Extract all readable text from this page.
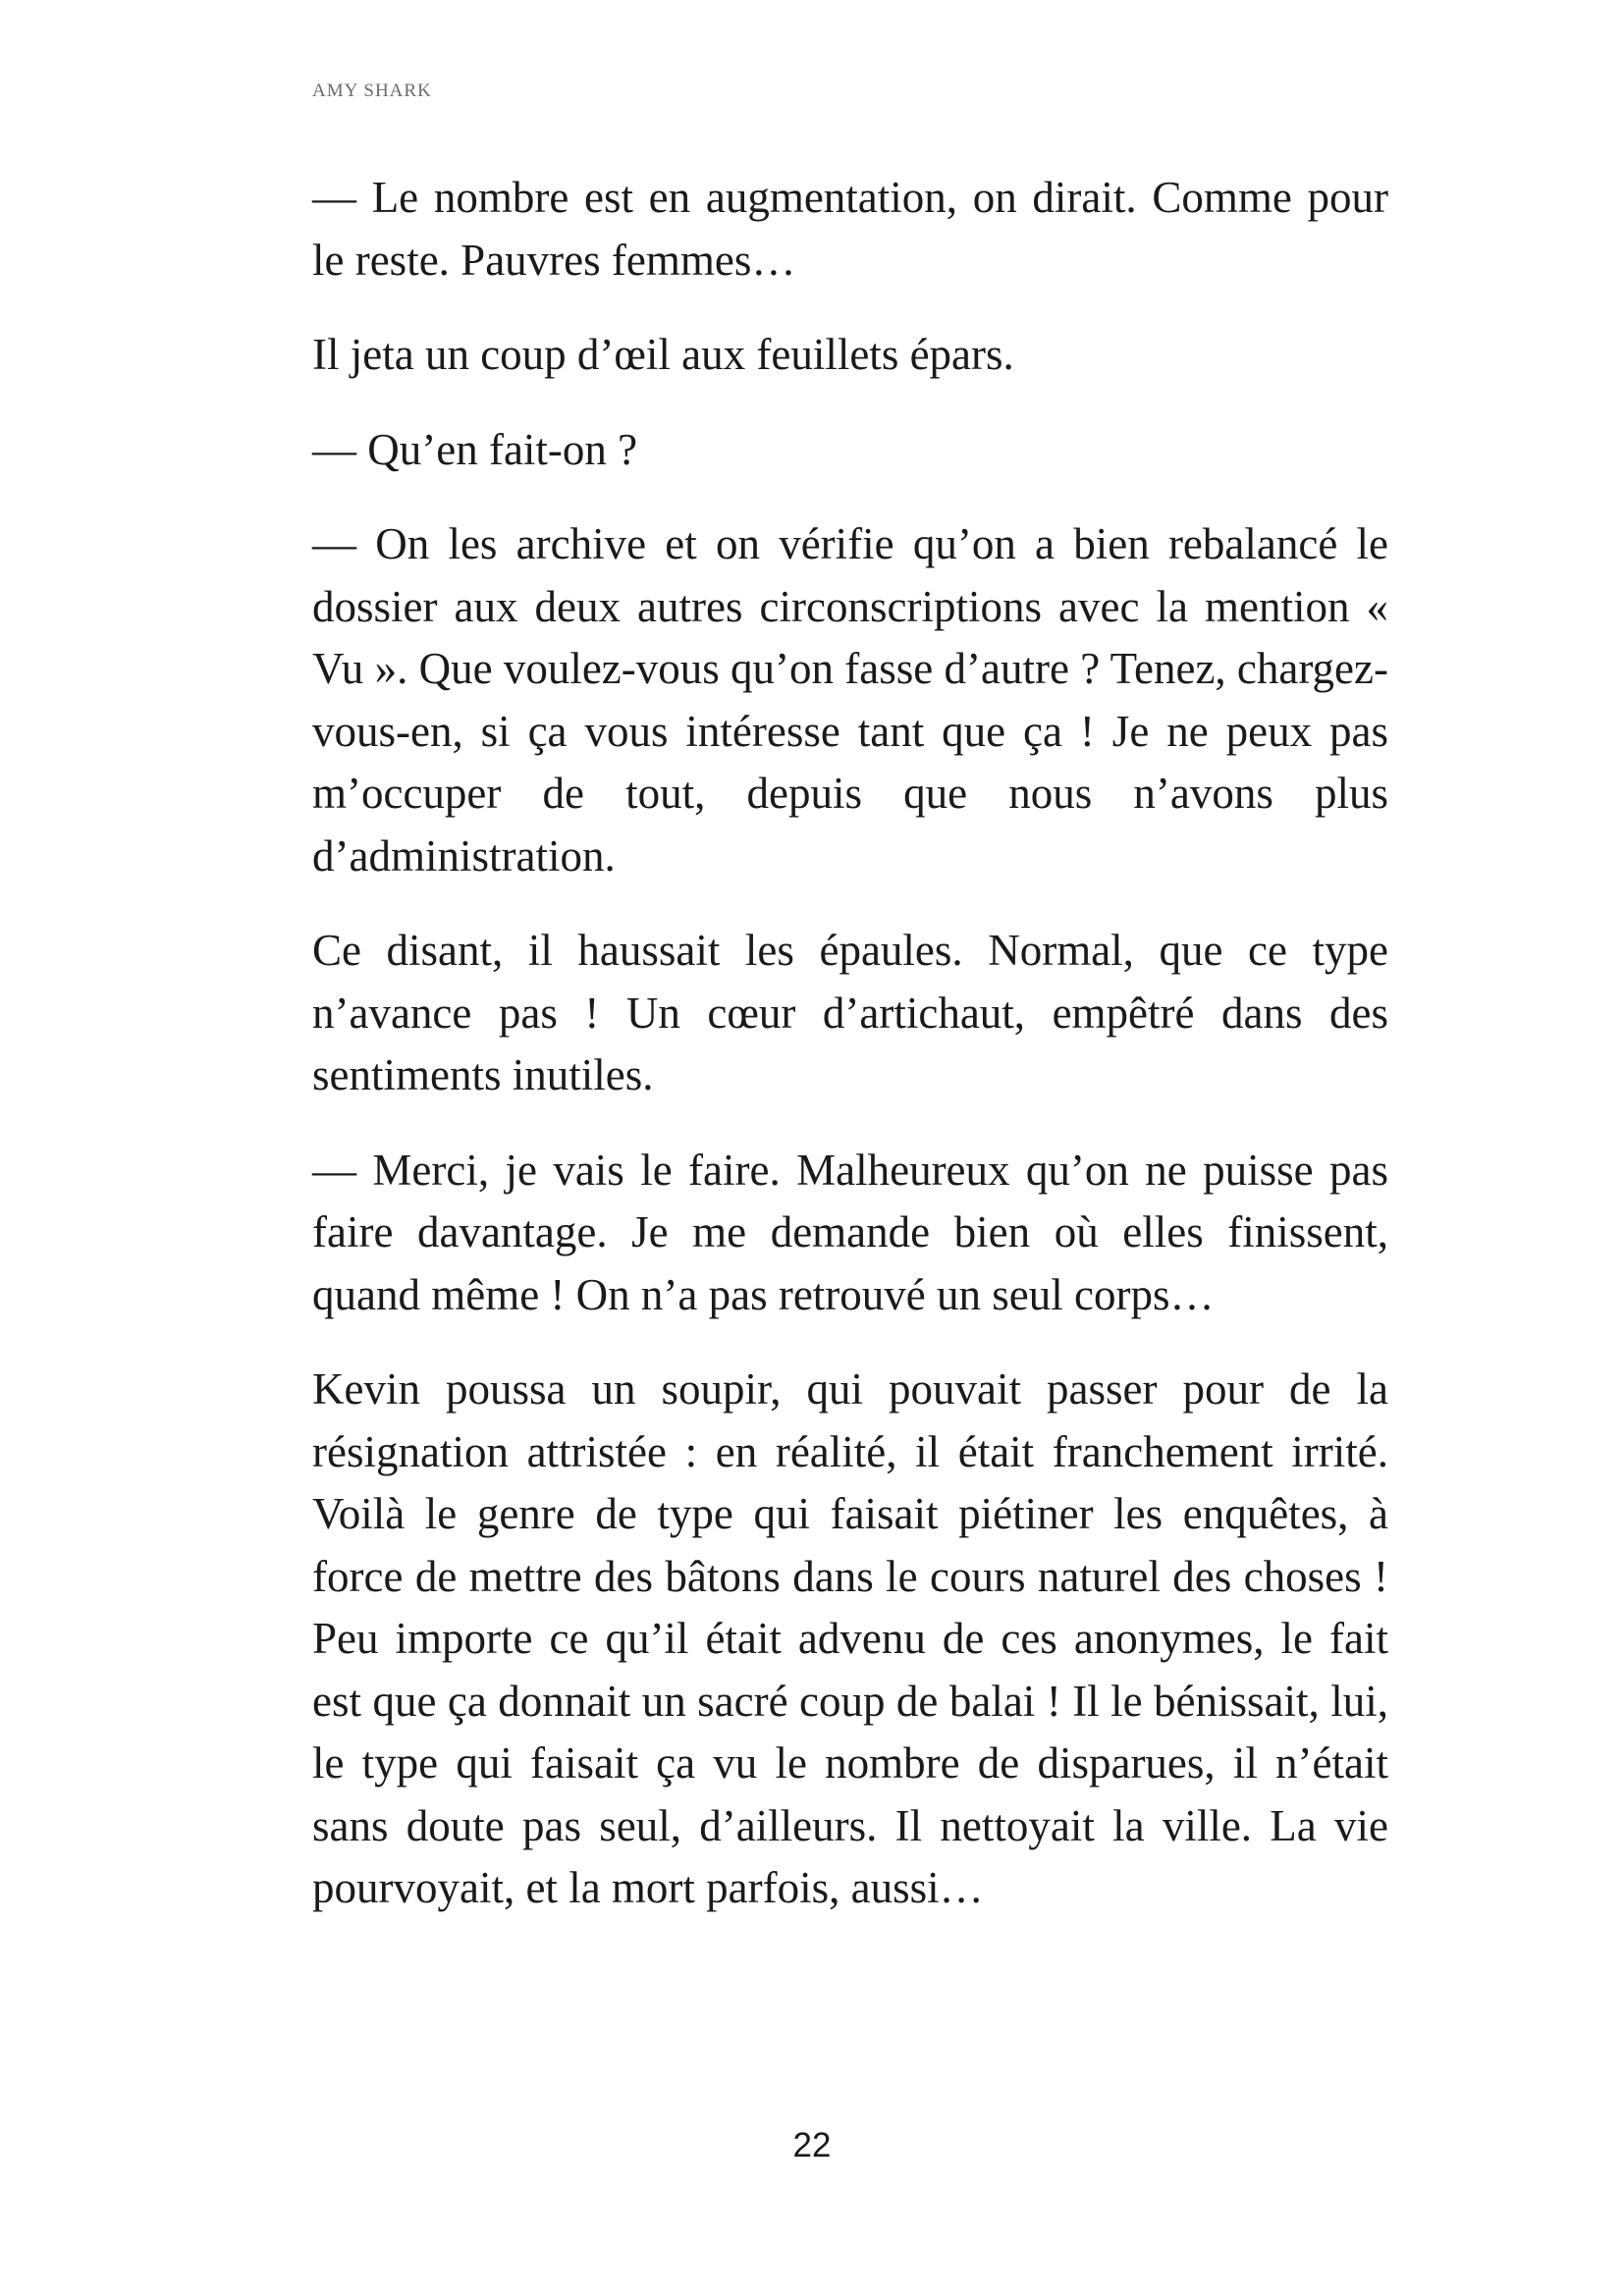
AMY SHARK

— Le nombre est en augmentation, on dirait. Comme pour le reste. Pauvres femmes…

Il jeta un coup d’œil aux feuillets épars.

— Qu’en fait-on ?

— On les archive et on vérifie qu’on a bien rebalancé le dossier aux deux autres circonscriptions avec la mention « Vu ». Que voulez-vous qu’on fasse d’autre ? Tenez, chargez-vous-en, si ça vous intéresse tant que ça ! Je ne peux pas m’occuper de tout, depuis que nous n’avons plus d’administration.

Ce disant, il haussait les épaules. Normal, que ce type n’avance pas ! Un cœur d’artichaut, empêtré dans des sentiments inutiles.

— Merci, je vais le faire. Malheureux qu’on ne puisse pas faire davantage. Je me demande bien où elles finissent, quand même ! On n’a pas retrouvé un seul corps…

Kevin poussa un soupir, qui pouvait passer pour de la résignation attristée : en réalité, il était franchement irrité. Voilà le genre de type qui faisait piétiner les enquêtes, à force de mettre des bâtons dans le cours naturel des choses ! Peu importe ce qu’il était advenu de ces anonymes, le fait est que ça donnait un sacré coup de balai ! Il le bénissait, lui, le type qui faisait ça vu le nombre de disparues, il n’était sans doute pas seul, d’ailleurs. Il nettoyait la ville. La vie pourvoyait, et la mort parfois, aussi…

22
